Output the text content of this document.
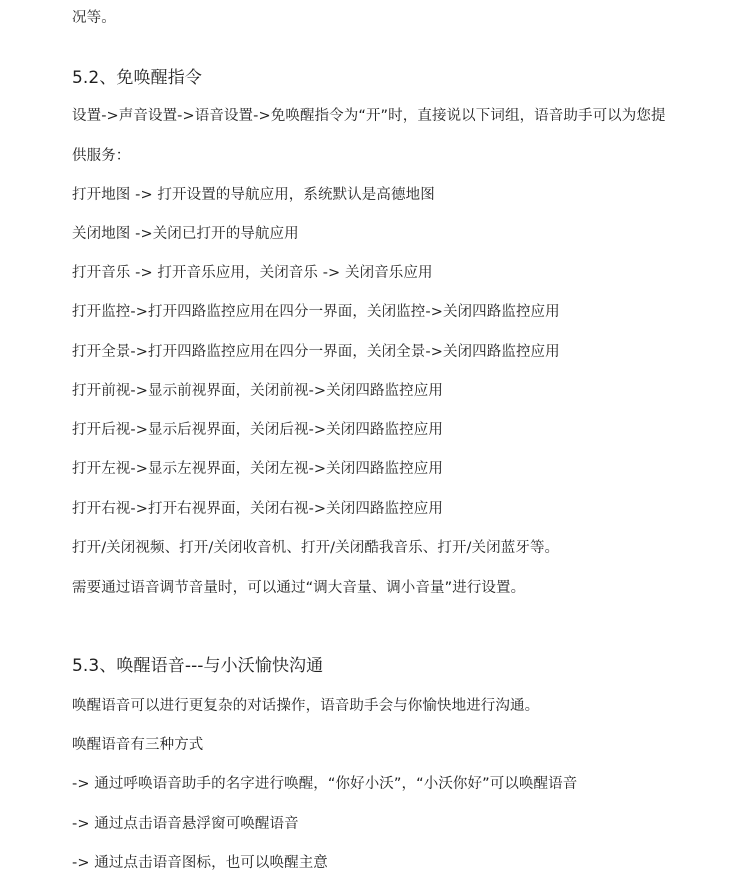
况等。
5.2、免唤醒指令
设置->声音设置->语音设置->免唤醒指令为“开”时，直接说以下词组，语音助手可以为您提
供服务：
打开地图 -> 打开设置的导航应用，系统默认是高德地图
关闭地图 ->关闭已打开的导航应用
打开音乐 -> 打开音乐应用，关闭音乐 -> 关闭音乐应用
打开监控->打开四路监控应用在四分一界面，关闭监控->关闭四路监控应用
打开全景->打开四路监控应用在四分一界面，关闭全景->关闭四路监控应用
打开前视->显示前视界面，关闭前视->关闭四路监控应用
打开后视->显示后视界面，关闭后视->关闭四路监控应用
打开左视->显示左视界面，关闭左视->关闭四路监控应用
打开右视->打开右视界面，关闭右视->关闭四路监控应用
打开/关闭视频、打开/关闭收音机、打开/关闭酷我音乐、打开/关闭蓝牙等。
需要通过语音调节音量时，可以通过“调大音量、调小音量”进行设置。
5.3、唤醒语音---与小沃愉快沟通
唤醒语音可以进行更复杂的对话操作，语音助手会与你愉快地进行沟通。
唤醒语音有三种方式
-> 通过呼唤语音助手的名字进行唤醒，“你好小沃”，“小沃你好”可以唤醒语音
-> 通过点击语音悬浮窗可唤醒语音
-> 通过点击语音图标，也可以唤醒主意
